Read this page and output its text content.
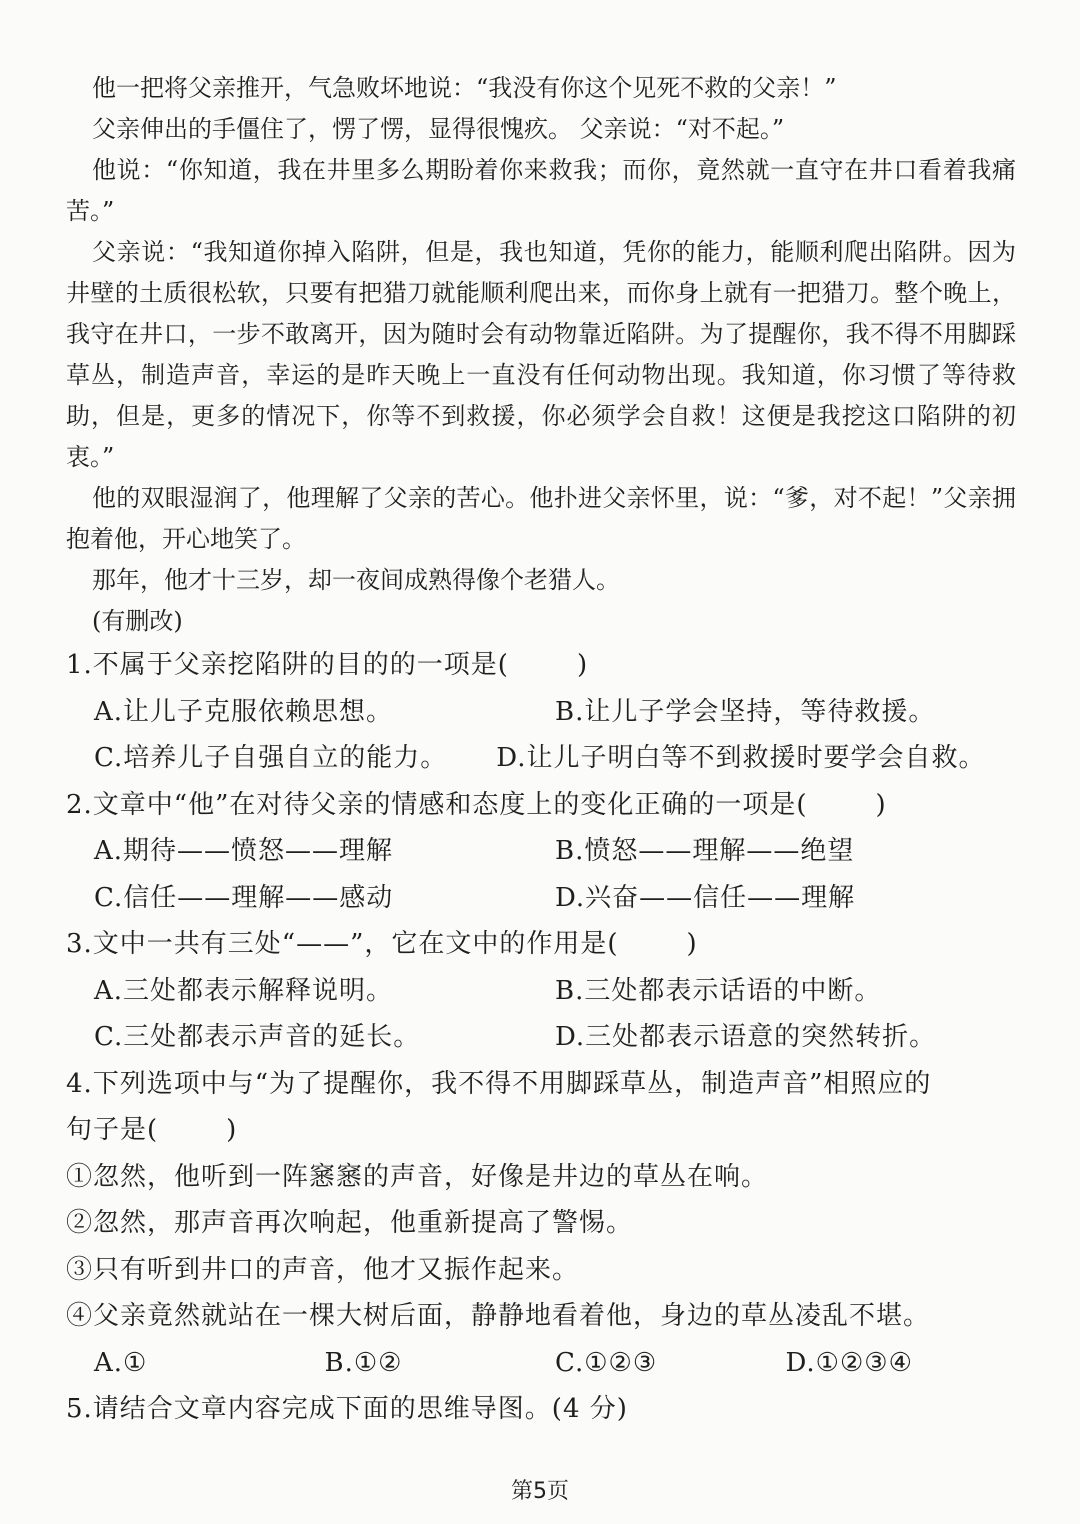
他一把将父亲推开，气急败坏地说：“我没有你这个见死不救的父亲！”

父亲伸出的手僵住了，愣了愣，显得很愧疚。 父亲说：“对不起。”

他说：“你知道，我在井里多么期盼着你来救我；而你，竟然就一直守在井口看着我痛苦。”

父亲说：“我知道你掉入陷阱，但是，我也知道，凭你的能力，能顺利爬出陷阱。因为井壁的土质很松软，只要有把猎刀就能顺利爬出来，而你身上就有一把猎刀。整个晚上，我守在井口，一步不敢离开，因为随时会有动物靠近陷阱。为了提醒你，我不得不用脚踩草丛，制造声音，幸运的是昨天晚上一直没有任何动物出现。我知道，你习惯了等待救助，但是，更多的情况下，你等不到救援，你必须学会自救！这便是我挖这口陷阱的初衷。”

他的双眼湿润了，他理解了父亲的苦心。他扑进父亲怀里，说：“爹，对不起！”父亲拥抱着他，开心地笑了。

那年，他才十三岁，却一夜间成熟得像个老猎人。

(有删改)

1.不属于父亲挖陷阱的目的的一项是(	)

A.让儿子克服依赖思想。	B.让儿子学会坚持，等待救援。
C.培养儿子自强自立的能力。	D.让儿子明白等不到救援时要学会自救。

2.文章中“他”在对待父亲的情感和态度上的变化正确的一项是(	)

A.期待——愤怒——理解	B.愤怒——理解——绝望
C.信任——理解——感动	D.兴奋——信任——理解

3.文中一共有三处“——”，它在文中的作用是(	)

A.三处都表示解释说明。	B.三处都表示话语的中断。
C.三处都表示声音的延长。	D.三处都表示语意的突然转折。

4.下列选项中与“为了提醒你，我不得不用脚踩草丛，制造声音”相照应的

句子是(	)

①忽然，他听到一阵窸窸的声音，好像是井边的草丛在响。

②忽然，那声音再次响起，他重新提高了警惕。

③只有听到井口的声音，他才又振作起来。

④父亲竟然就站在一棵大树后面，静静地看着他，身边的草丛凌乱不堪。

A.①	B.①②	C.①②③	D.①②③④

5.请结合文章内容完成下面的思维导图。(4 分)

第5页
